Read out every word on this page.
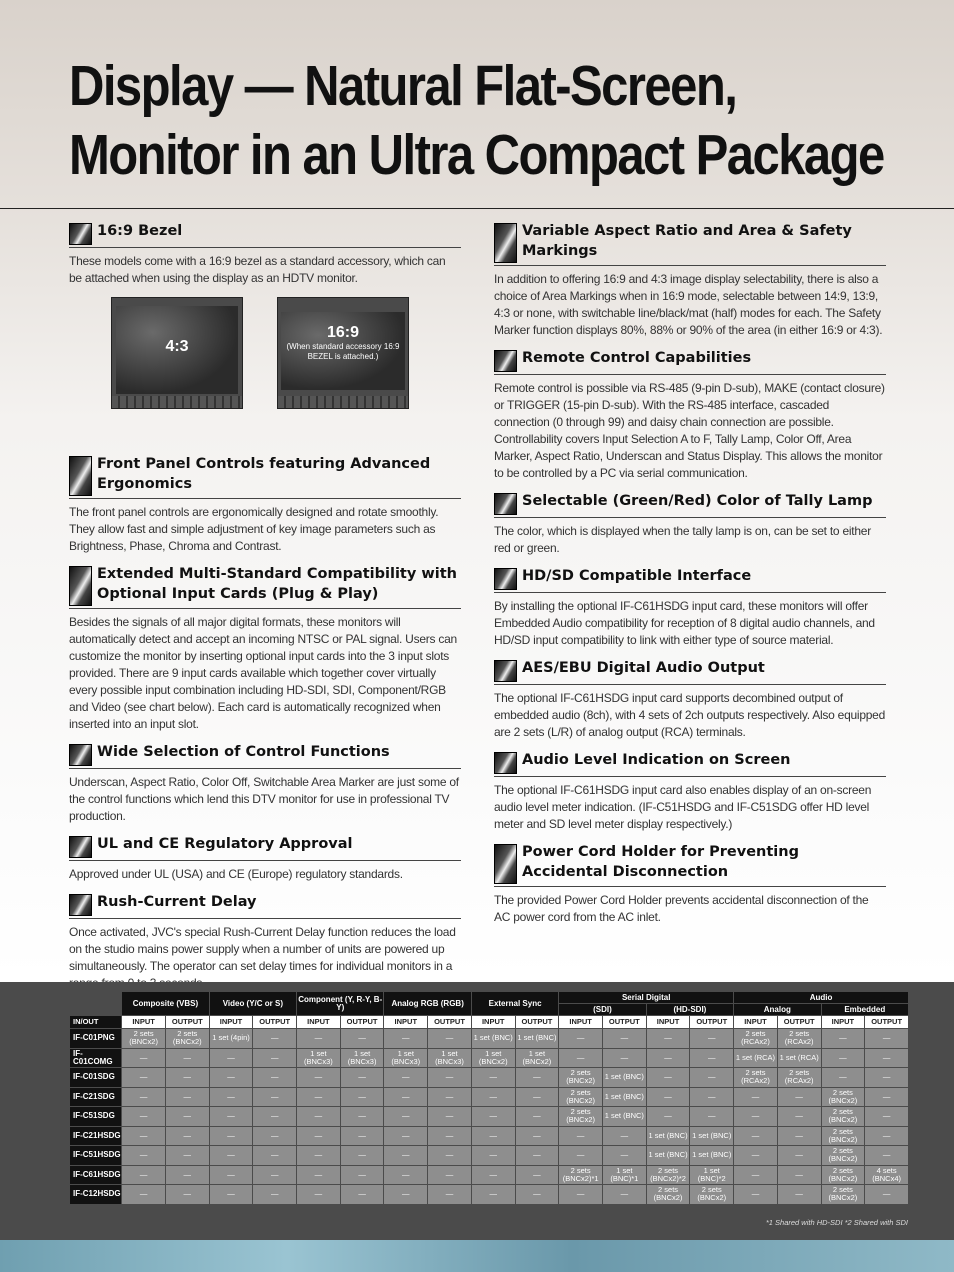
Display — Natural Flat-Screen,
Monitor in an Ultra Compact Package
16:9 Bezel

These models come with a 16:9 bezel as a standard accessory, which can be attached when using the display as an HDTV monitor.

4:3
16:9
(When standard accessory 16:9 BEZEL is attached.)
Front Panel Controls featuring Advanced Ergonomics

The front panel controls are ergonomically designed and rotate smoothly. They allow fast and simple adjustment of key image parameters such as Brightness, Phase, Chroma and Contrast.

Extended Multi-Standard Compatibility with Optional Input Cards (Plug & Play)

Besides the signals of all major digital formats, these monitors will automatically detect and accept an incoming NTSC or PAL signal. Users can customize the monitor by inserting optional input cards into the 3 input slots provided. There are 9 input cards available which together cover virtually every possible input combination including HD-SDI, SDI, Component/RGB and Video (see chart below). Each card is automatically recognized when inserted into an input slot.

Wide Selection of Control Functions

Underscan, Aspect Ratio, Color Off, Switchable Area Marker are just some of the control functions which lend this DTV monitor for use in professional TV production.

UL and CE Regulatory Approval

Approved under UL (USA) and CE (Europe) regulatory standards.

Rush-Current Delay

Once activated, JVC's special Rush-Current Delay function reduces the load on the studio mains power supply when a number of units are powered up simultaneously. The operator can set delay times for individual monitors in a

Variable Aspect Ratio and Area & Safety Markings

In addition to offering 16:9 and 4:3 image display selectability, there is also a choice of Area Markings when in 16:9 mode, selectable between 14:9, 13:9, 4:3 or none, with switchable line/black/mat (half) modes for each. The Safety Marker function displays 80%, 88% or 90% of the area (in either 16:9 or 4:3).

Remote Control Capabilities

Remote control is possible via RS-485 (9-pin D-sub), MAKE (contact closure) or TRIGGER (15-pin D-sub). With the RS-485 interface, cascaded connection (0 through 99) and daisy chain connection are possible. Controllability covers Input Selection A to F, Tally Lamp, Color Off, Area Marker, Aspect Ratio, Underscan and Status Display. This allows the monitor to be controlled by a PC via serial communication.

Selectable (Green/Red) Color of Tally Lamp

The color, which is displayed when the tally lamp is on, can be set to either red or green.

HD/SD Compatible Interface

By installing the optional IF-C61HSDG input card, these monitors will offer Embedded Audio compatibility for reception of 8 digital audio channels, and HD/SD input compatibility to link with either type of source material.

AES/EBU Digital Audio Output

The optional IF-C61HSDG input card supports decombined output of embedded audio (8ch), with 4 sets of 2ch outputs respectively. Also equipped are 2 sets (L/R) of analog output (RCA) terminals.

Audio Level Indication on Screen

The optional IF-C61HSDG input card also enables display of an on-screen audio level meter indication. (IF-C51HSDG and IF-C51SDG offer HD level meter and SD level meter display respectively.)

Power Cord Holder for Preventing Accidental Disconnection

The provided Power Cord Holder prevents accidental disconnection of the AC power cord from the AC inlet.

	Composite (VBS)		Video (Y/C or S)		Component (Y, R-Y, B-Y)		Analog RGB (RGB)		External Sync		Serial Digital				Audio			
											(SDI)		(HD-SDI)		Analog		Embedded	
IN/OUT	INPUT	OUTPUT	INPUT	OUTPUT	INPUT	OUTPUT	INPUT	OUTPUT	INPUT	OUTPUT	INPUT	OUTPUT	INPUT	OUTPUT	INPUT	OUTPUT	INPUT	OUTPUT
IF-C01PNG	2 sets (BNCx2)	2 sets (BNCx2)	1 set (4pin)	—	—	—	—	—	1 set (BNC)	1 set (BNC)	—	—	—	—	2 sets (RCAx2)	2 sets (RCAx2)	—	—
IF-C01COMG	—	—	—	—	1 set (BNCx3)	1 set (BNCx3)	1 set (BNCx3)	1 set (BNCx3)	1 set (BNCx2)	1 set (BNCx2)	—	—	—	—	1 set (RCA)	1 set (RCA)	—	—
IF-C01SDG	—	—	—	—	—	—	—	—	—	—	2 sets (BNCx2)	1 set (BNC)	—	—	2 sets (RCAx2)	2 sets (RCAx2)	—	—
IF-C21SDG	—	—	—	—	—	—	—	—	—	—	2 sets (BNCx2)	1 set (BNC)	—	—	—	—	2 sets (BNCx2)	—
IF-C51SDG	—	—	—	—	—	—	—	—	—	—	2 sets (BNCx2)	1 set (BNC)	—	—	—	—	2 sets (BNCx2)	—
IF-C21HSDG	—	—	—	—	—	—	—	—	—	—	—	—	1 set (BNC)	1 set (BNC)	—	—	2 sets (BNCx2)	—
IF-C51HSDG	—	—	—	—	—	—	—	—	—	—	—	—	1 set (BNC)	1 set (BNC)	—	—	2 sets (BNCx2)	—
IF-C61HSDG	—	—	—	—	—	—	—	—	—	—	2 sets (BNCx2)*1	1 set (BNC)*1	2 sets (BNCx2)*2	1 set (BNC)*2	—	—	2 sets (BNCx2)	4 sets (BNCx4)
IF-C12HSDG	—	—	—	—	—	—	—	—	—	—	—	—	2 sets (BNCx2)	2 sets (BNCx2)	—	—	2 sets (BNCx2)	—
*1 Shared with HD-SDI *2 Shared with SDI
